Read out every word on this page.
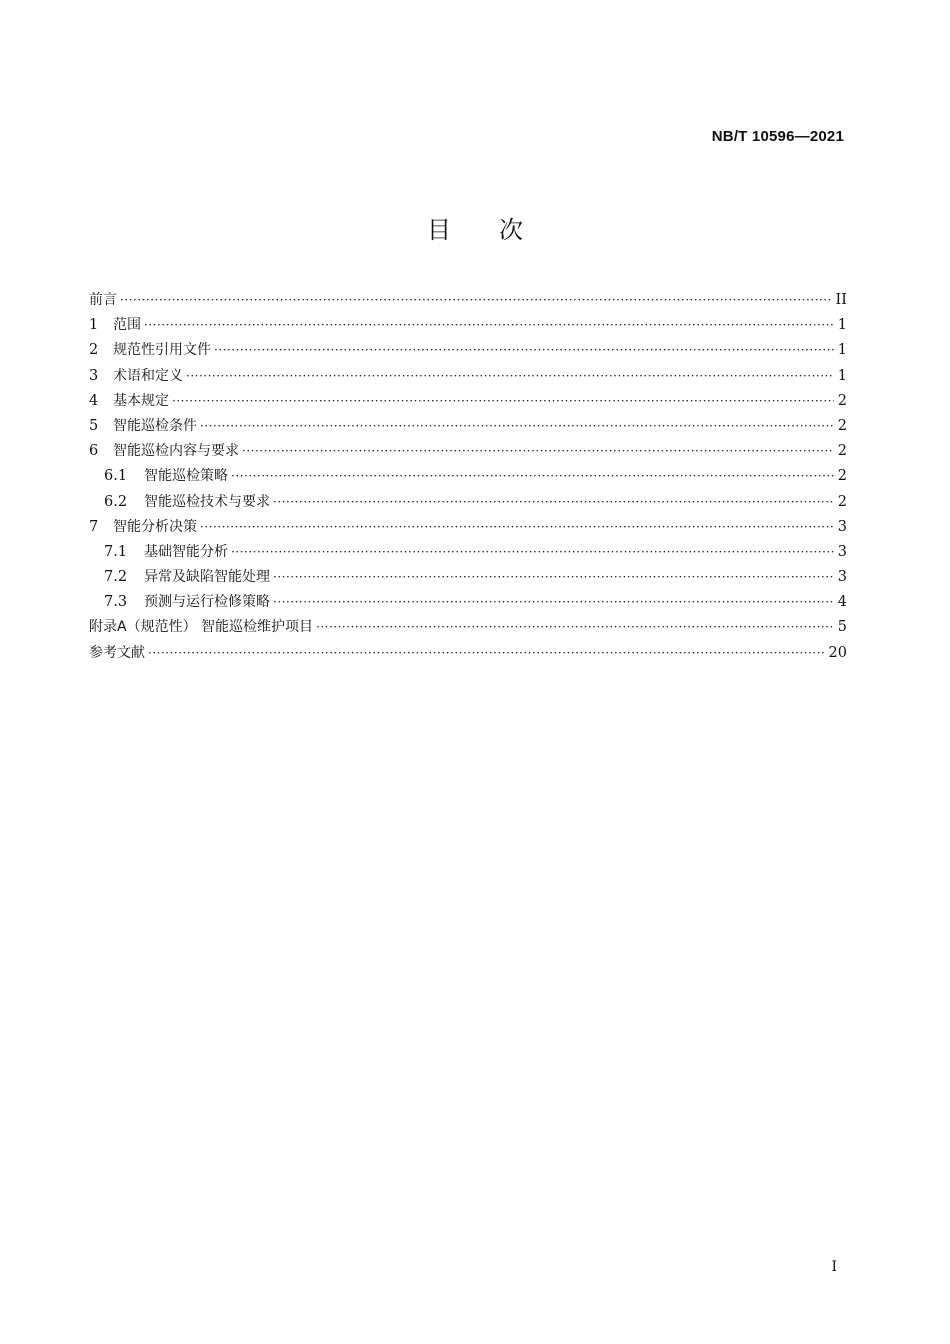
NB/T 10596—2021
目 次
前言 ·····	II
1	范围 ·····	1
2	规范性引用文件 ·····	1
3	术语和定义 ·····	1
4	基本规定 ·····	2
5	智能巡检条件 ·····	2
6	智能巡检内容与要求 ·····	2
6.1	智能巡检策略 ·····	2
6.2	智能巡检技术与要求 ·····	2
7	智能分析决策 ·····	3
7.1	基础智能分析 ·····	3
7.2	异常及缺陷智能处理 ·····	3
7.3	预测与运行检修策略 ·····	4
附录A（规范性） 智能巡检维护项目 ·····	5
参考文献 ·····	20
I
